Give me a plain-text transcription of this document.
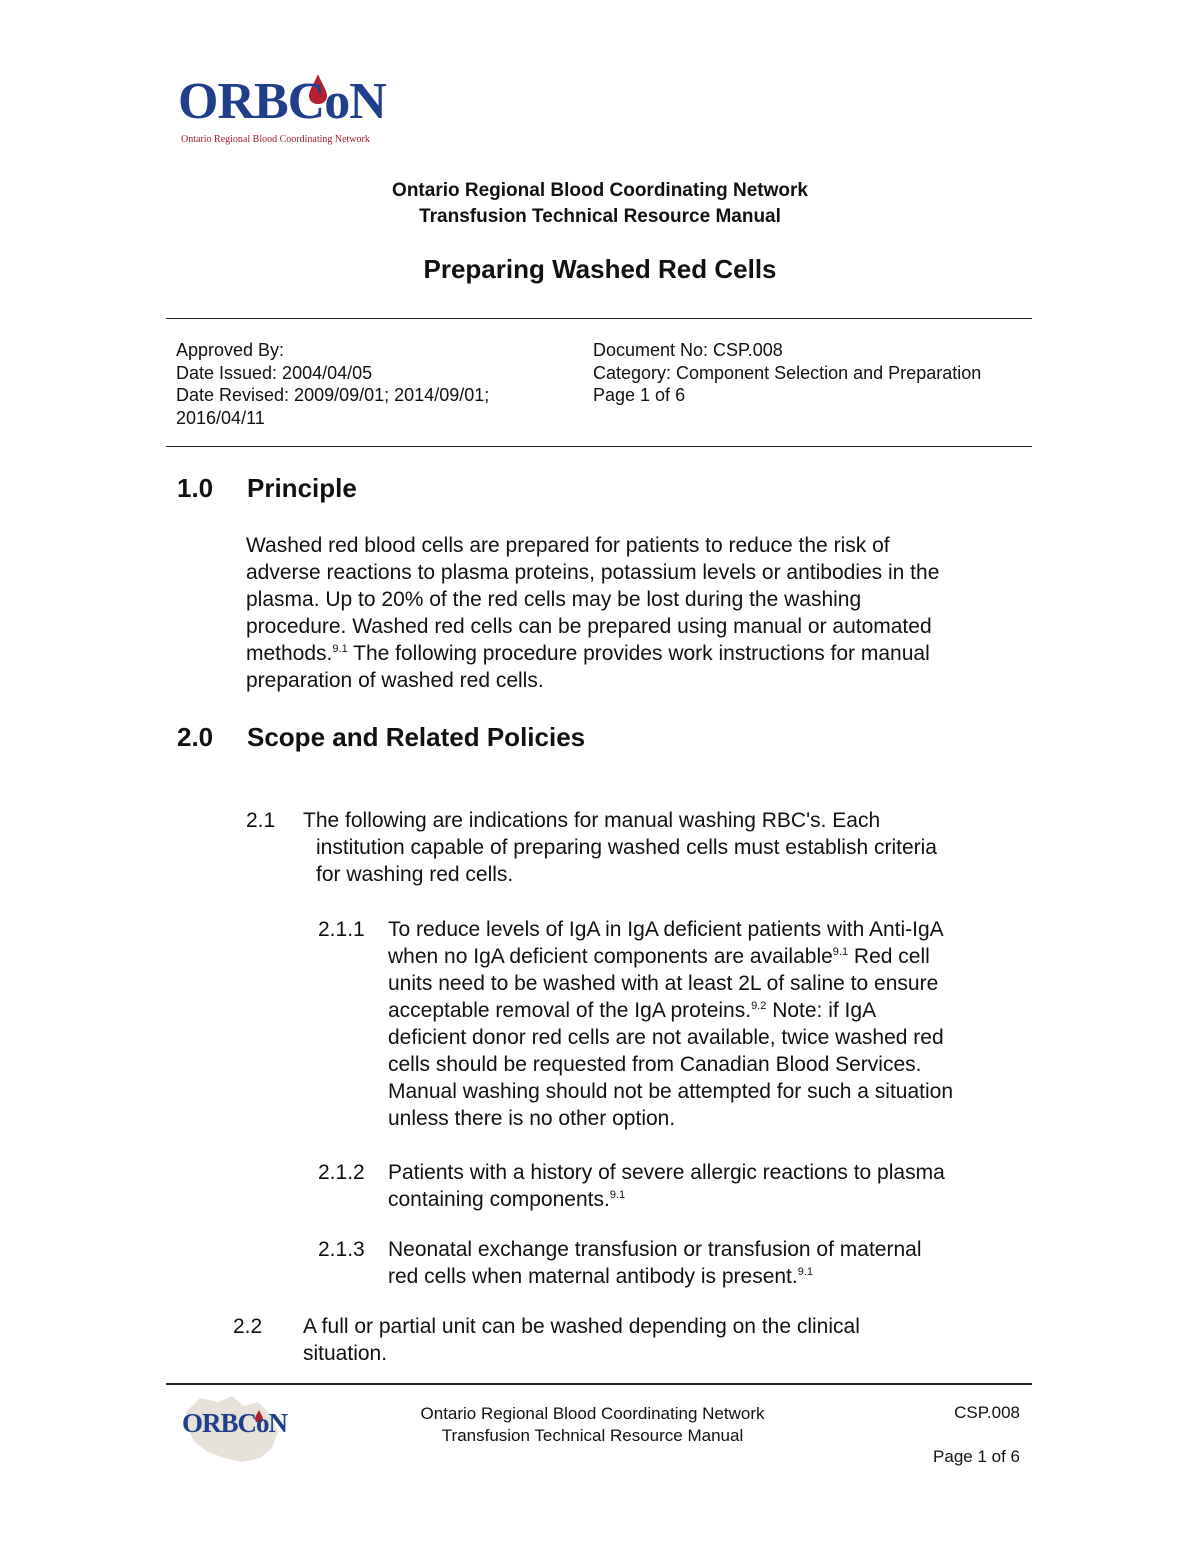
ORBCoN
Ontario Regional Blood Coordinating Network
Ontario Regional Blood Coordinating Network
Transfusion Technical Resource Manual
Preparing Washed Red Cells
Approved By:
Date Issued: 2004/04/05
Date Revised: 2009/09/01; 2014/09/01;
2016/04/11
Document No: CSP.008
Category: Component Selection and Preparation
Page 1 of 6
1.0 Principle
Washed red blood cells are prepared for patients to reduce the risk of
adverse reactions to plasma proteins, potassium levels or antibodies in the
plasma. Up to 20% of the red cells may be lost during the washing
procedure. Washed red cells can be prepared using manual or automated
methods.$^{9.1}$ The following procedure provides work instructions for manual
preparation of washed red cells.
2.0 Scope and Related Policies
2.1 The following are indications for manual washing RBC's. Each
institution capable of preparing washed cells must establish criteria
for washing red cells.
2.1.1 To reduce levels of IgA in IgA deficient patients with Anti-IgA
when no IgA deficient components are available$^{9.1}$ Red cell
units need to be washed with at least 2L of saline to ensure
acceptable removal of the IgA proteins.$^{9.2}$ Note: if IgA
deficient donor red cells are not available, twice washed red
cells should be requested from Canadian Blood Services.
Manual washing should not be attempted for such a situation
unless there is no other option.
2.1.2 Patients with a history of severe allergic reactions to plasma
containing components.$^{9.1}$
2.1.3 Neonatal exchange transfusion or transfusion of maternal
red cells when maternal antibody is present.$^{9.1}$
2.2 A full or partial unit can be washed depending on the clinical
situation.
ORBCoN	Ontario Regional Blood Coordinating Network
Transfusion Technical Resource Manual
CSP.008
Page 1 of 6
